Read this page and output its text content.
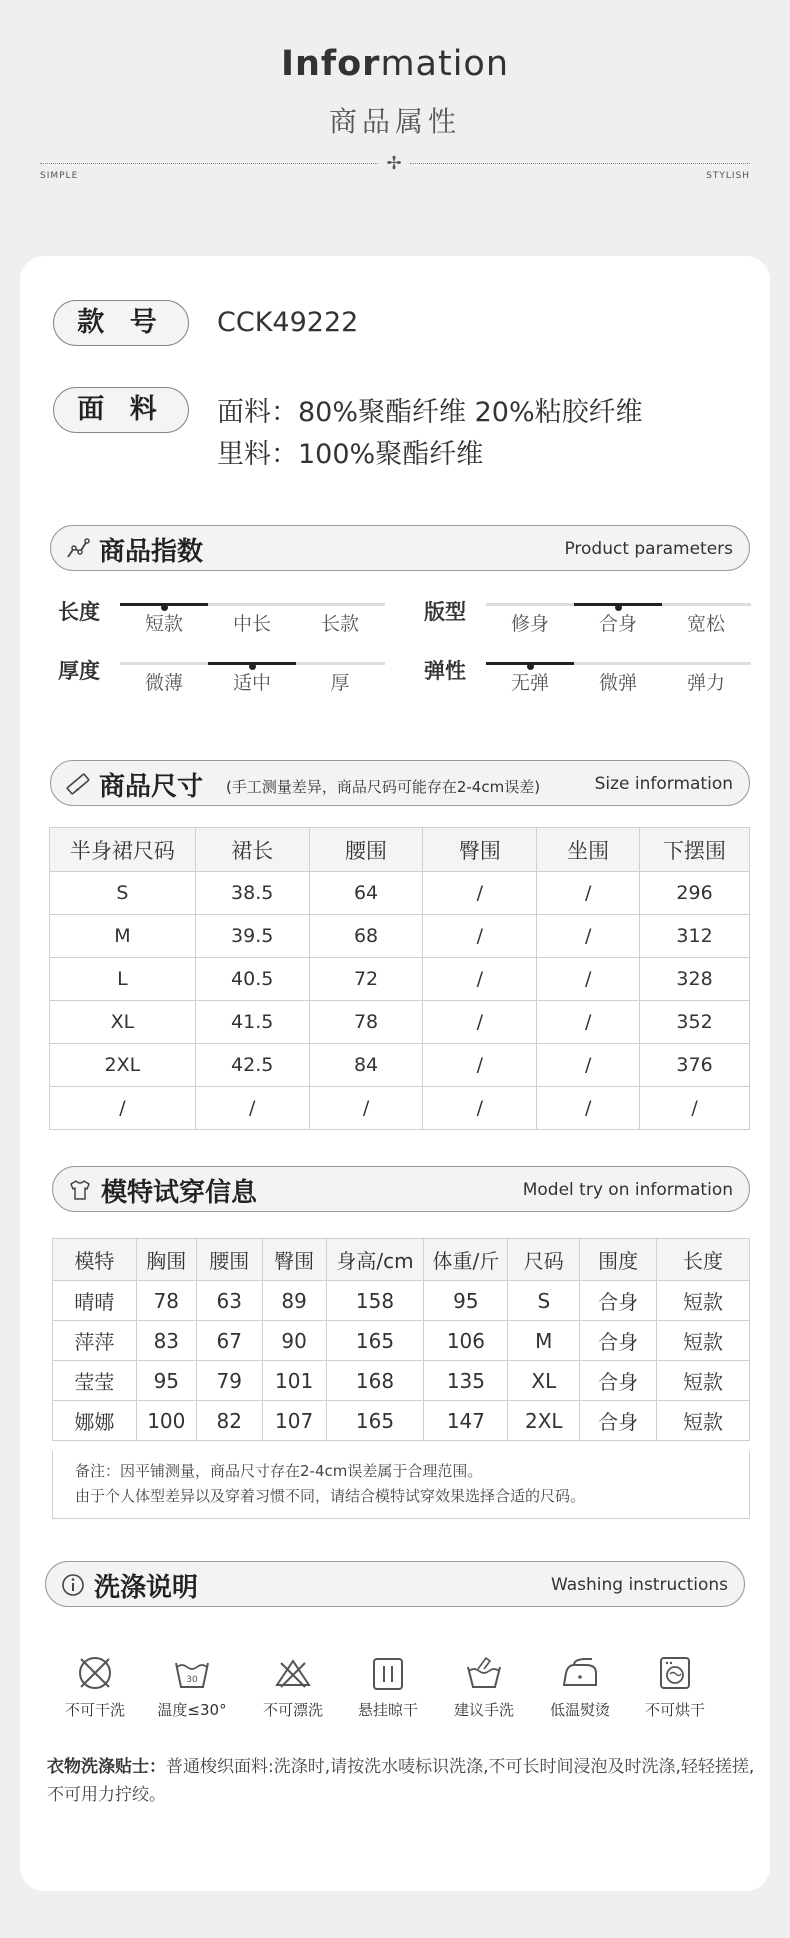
Information
商品属性
✢
SIMPLE	STYLISH
款 号	CCK49222
面 料	面料：80%聚酯纤维 20%粘胶纤维
里料：100%聚酯纤维
商品指数	Product parameters
长度	短款	中长	长款	版型	修身	合身	宽松
厚度	微薄	适中	厚	弹性	无弹	微弹	弹力
商品尺寸 (手工测量差异，商品尺码可能存在2-4cm误差)	Size information
半身裙尺码	裙长	腰围	臀围	坐围	下摆围
S	38.5	64	/	/	296
M	39.5	68	/	/	312
L	40.5	72	/	/	328
XL	41.5	78	/	/	352
2XL	42.5	84	/	/	376
/	/	/	/	/	/
模特试穿信息	Model try on information
模特	胸围	腰围	臀围	身高/cm	体重/斤	尺码	围度	长度
晴晴	78	63	89	158	95	S	合身	短款
萍萍	83	67	90	165	106	M	合身	短款
莹莹	95	79	101	168	135	XL	合身	短款
娜娜	100	82	107	165	147	2XL	合身	短款
备注：因平铺测量，商品尺寸存在2-4cm误差属于合理范围。
由于个人体型差异以及穿着习惯不同，请结合模特试穿效果选择合适的尺码。
洗涤说明	Washing instructions
不可干洗
30
温度≤30°	不可漂洗	悬挂晾干	建议手洗	低温熨烫	不可烘干
衣物洗涤贴士：普通梭织面料:洗涤时,请按洗水唛标识洗涤,不可长时间浸泡及时洗涤,轻轻搓搓,不可用力拧绞。
